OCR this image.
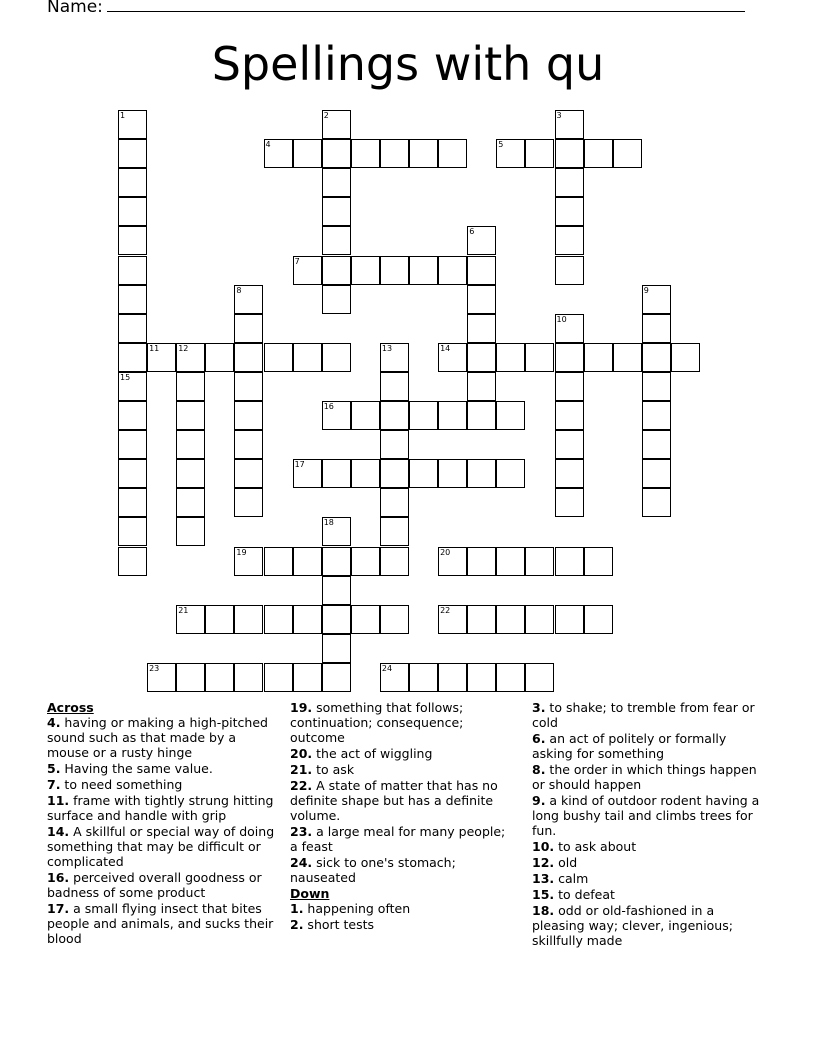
Name:
Spellings with qu
1	2	3
4	5
6
7
8	9
10
11 12	13	14
15
16
17
18
19	20
21	22
23	24
Across
4. having or making a high-pitched sound such as that made by a mouse or a rusty hinge
5. Having the same value.
7. to need something
11. frame with tightly strung hitting surface and handle with grip
14. A skillful or special way of doing something that may be difficult or complicated
16. perceived overall goodness or badness of some product
17. a small flying insect that bites people and animals, and sucks their blood
19. something that follows; continuation; consequence; outcome
20. the act of wiggling
21. to ask
22. A state of matter that has no definite shape but has a definite volume.
23. a large meal for many people; a feast
24. sick to one's stomach; nauseated
Down
1. happening often
2. short tests
3. to shake; to tremble from fear or cold
6. an act of politely or formally asking for something
8. the order in which things happen or should happen
9. a kind of outdoor rodent having a long bushy tail and climbs trees for fun.
10. to ask about
12. old
13. calm
15. to defeat
18. odd or old-fashioned in a pleasing way; clever, ingenious; skillfully made
